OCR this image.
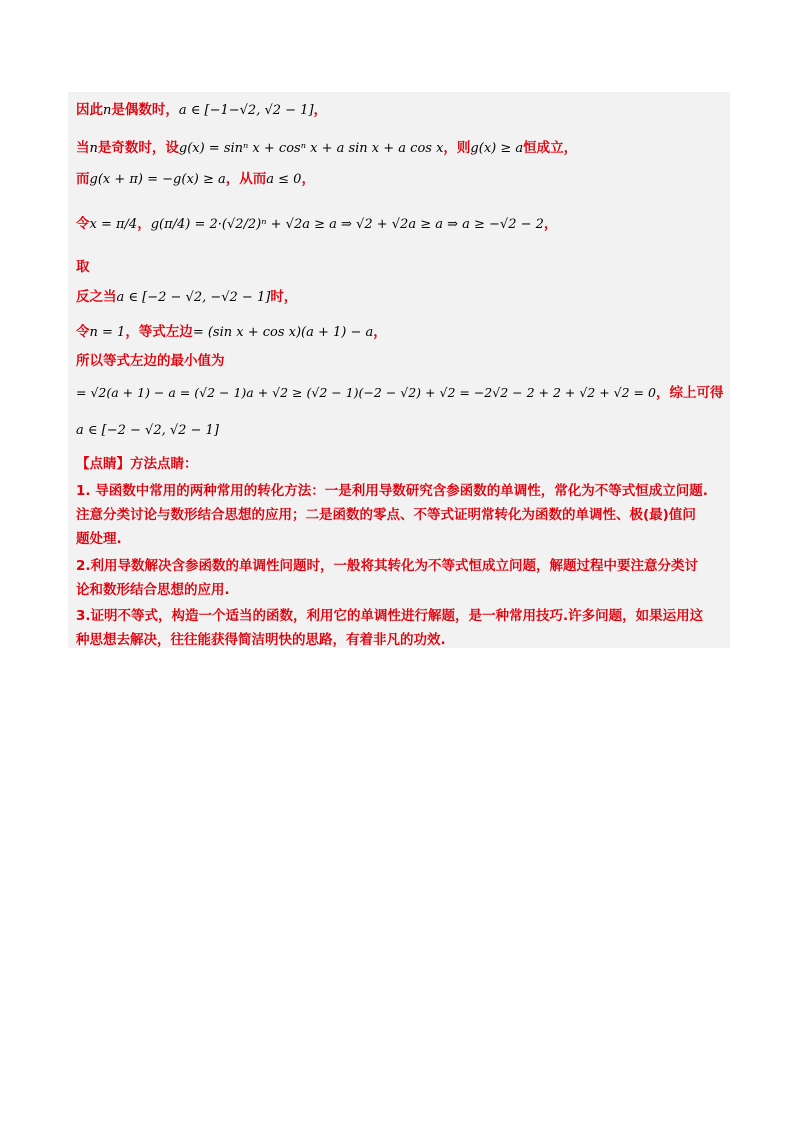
因此n是偶数时，a ∈ [−1−√2, √2 − 1]，
当n是奇数时，设g(x) = sinⁿ x + cosⁿ x + a sin x + a cos x，则g(x) ≥ a恒成立，
而g(x + π) = −g(x) ≥ a，从而a ≤ 0，
令x = π/4，g(π/4) = 2·(√2/2)ⁿ + √2a ≥ a ⇒ √2 + √2a ≥ a ⇒ a ≥ −√2 − 2，
取
反之当a ∈ [−2 − √2, −√2 − 1]时，
令n = 1，等式左边= (sin x + cos x)(a + 1) − a，
所以等式左边的最小值为
= √2(a + 1) − a = (√2 − 1)a + √2 ≥ (√2 − 1)(−2 − √2) + √2 = −2√2 − 2 + 2 + √2 + √2 = 0，综上可得
a ∈ [−2 − √2, √2 − 1]
【点睛】方法点睛：
1. 导函数中常用的两种常用的转化方法：一是利用导数研究含参函数的单调性，常化为不等式恒成立问题.
注意分类讨论与数形结合思想的应用；二是函数的零点、不等式证明常转化为函数的单调性、极(最)值问
题处理.
2.利用导数解决含参函数的单调性问题时，一般将其转化为不等式恒成立问题，解题过程中要注意分类讨
论和数形结合思想的应用.
3.证明不等式，构造一个适当的函数，利用它的单调性进行解题，是一种常用技巧.许多问题，如果运用这
种思想去解决，往往能获得简洁明快的思路，有着非凡的功效.
